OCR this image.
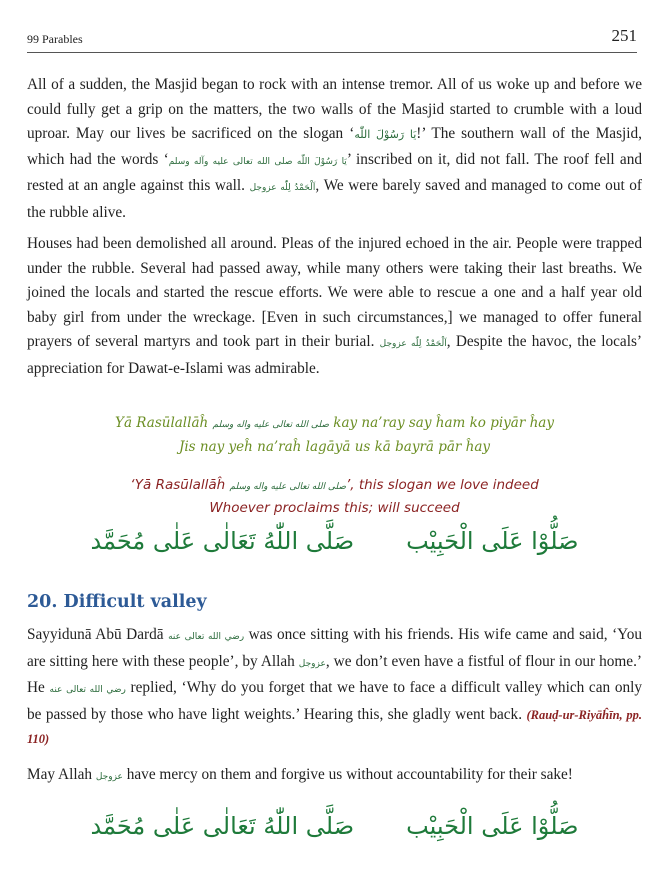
99 Parables	251

All of a sudden, the Masjid began to rock with an intense tremor. All of us woke up and before we could fully get a grip on the matters, the two walls of the Masjid started to crumble with a loud uproar. May our lives be sacrificed on the slogan ‘يَا رَسُوْلَ اللّٰه!’ The southern wall of the Masjid, which had the words ‘يَا رَسُوْلَ اللّٰه صلى الله تعالى عليه وآله وسلم’ inscribed on it, did not fall. The roof fell and rested at an angle against this wall. اَلْحَمْدُ لِلّٰه عزوجل, We were barely saved and managed to come out of the rubble alive.

Houses had been demolished all around. Pleas of the injured echoed in the air. People were trapped under the rubble. Several had passed away, while many others were taking their last breaths. We joined the locals and started the rescue efforts. We were able to rescue a one and a half year old baby girl from under the wreckage. [Even in such circumstances,] we managed to offer funeral prayers of several martyrs and took part in their burial. اَلْحَمْدُ لِلّٰه عزوجل, Despite the havoc, the locals’ appreciation for Dawat-e-Islami was admirable.

Yā Rasūlallāĥ صلى الله تعالى عليه واله وسلم kay na’ray say ĥam ko piyār ĥay
Jis nay yeĥ na’raĥ lagāyā us kā bayrā pār ĥay
‘Yā Rasūlallāĥ صلى الله تعالى عليه واله وسلم’, this slogan we love indeed
Whoever proclaims this; will succeed
صَلُّوْا عَلَى الْحَبِيْبصَلَّى اللّٰهُ تَعَالٰى عَلٰى مُحَمَّد
20. Difficult valley

Sayyidunā Abū Dardā رضي الله تعالى عنه was once sitting with his friends. His wife came and said, ‘You are sitting here with these people’, by Allah عزوجل, we don’t even have a fistful of flour in our home.’ He رضي الله تعالى عنه replied, ‘Why do you forget that we have to face a difficult valley which can only be passed by those who have light weights.’ Hearing this, she gladly went back. (Rauḍ-ur-Riyāĥīn, pp. 110)

May Allah عزوجل have mercy on them and forgive us without accountability for their sake!

صَلُّوْا عَلَى الْحَبِيْبصَلَّى اللّٰهُ تَعَالٰى عَلٰى مُحَمَّد
